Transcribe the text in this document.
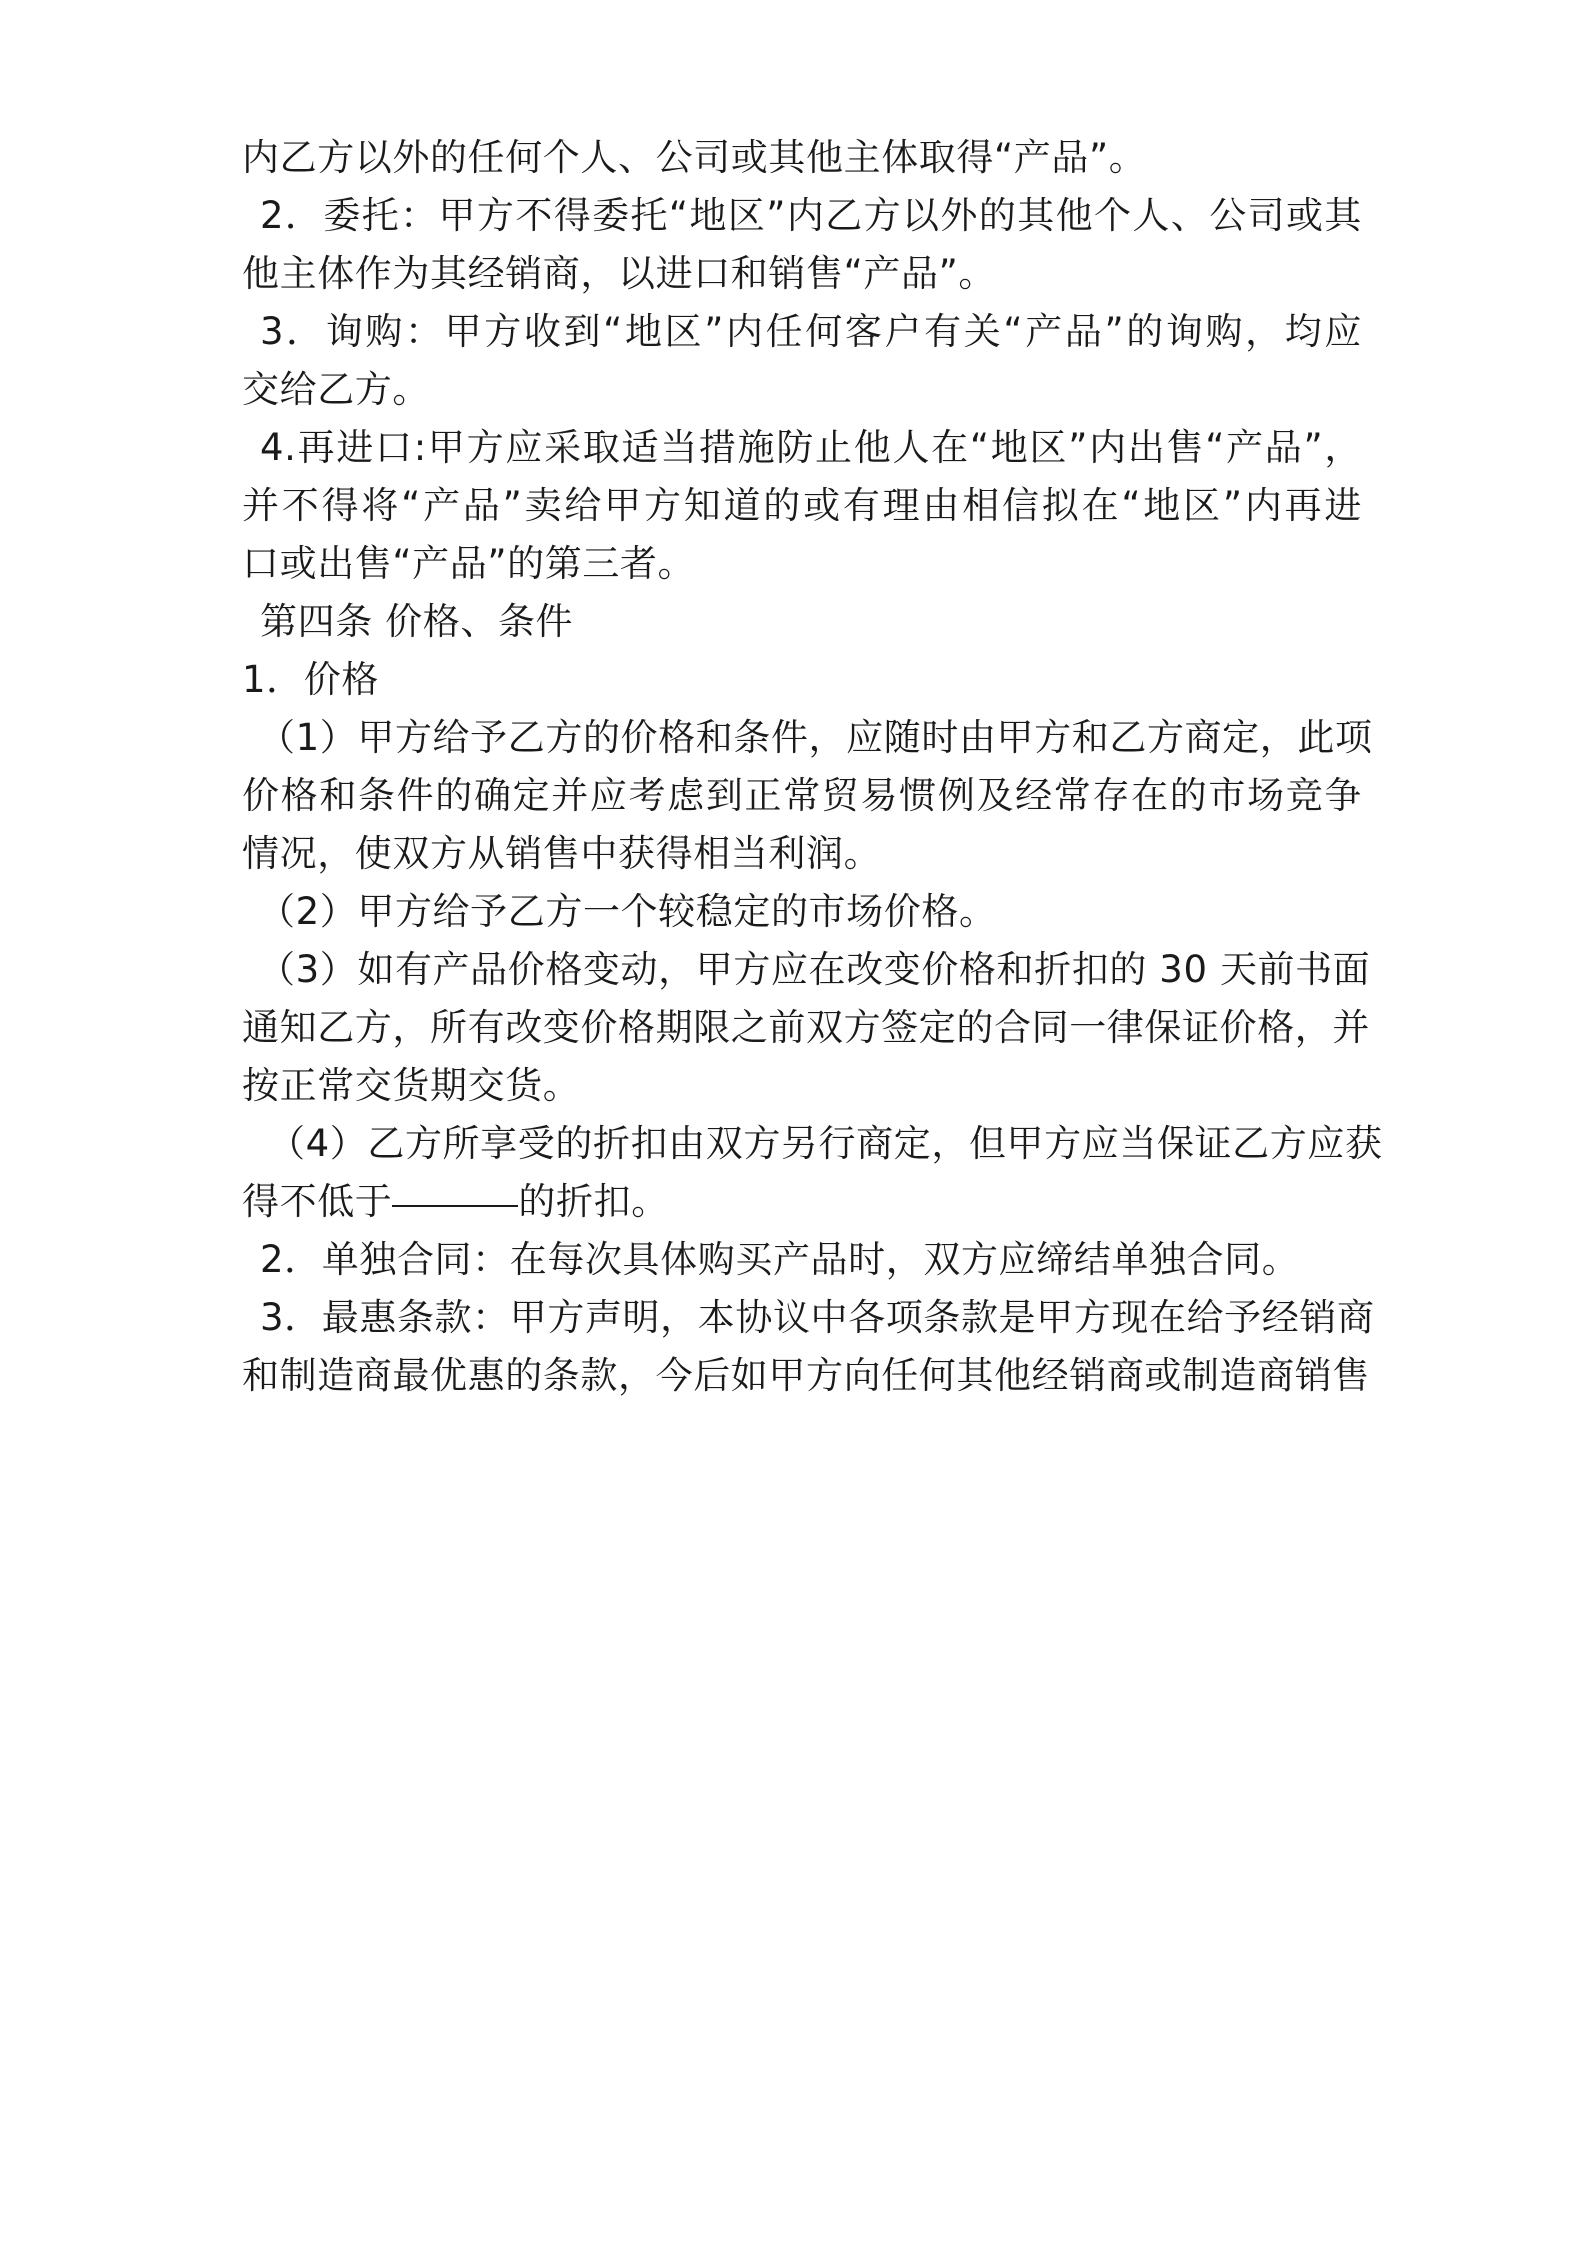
内乙方以外的任何个人、公司或其他主体取得“产品”。
2．委托：甲方不得委托“地区”内乙方以外的其他个人、公司或其
他主体作为其经销商，以进口和销售“产品”。
3．询购：甲方收到“地区”内任何客户有关“产品”的询购，均应
交给乙方。
4.再进口:甲方应采取适当措施防止他人在“地区”内出售“产品”，
并不得将“产品”卖给甲方知道的或有理由相信拟在“地区”内再进
口或出售“产品”的第三者。
第四条 价格、条件
1．价格
（1）甲方给予乙方的价格和条件，应随时由甲方和乙方商定，此项
价格和条件的确定并应考虑到正常贸易惯例及经常存在的市场竞争
情况，使双方从销售中获得相当利润。
（2）甲方给予乙方一个较稳定的市场价格。
（3）如有产品价格变动，甲方应在改变价格和折扣的 30 天前书面
通知乙方，所有改变价格期限之前双方签定的合同一律保证价格，并
按正常交货期交货。
（4）乙方所享受的折扣由双方另行商定，但甲方应当保证乙方应获
得不低于	的折扣。
2．单独合同：在每次具体购买产品时，双方应缔结单独合同。
3．最惠条款：甲方声明，本协议中各项条款是甲方现在给予经销商
和制造商最优惠的条款，今后如甲方向任何其他经销商或制造商销售
